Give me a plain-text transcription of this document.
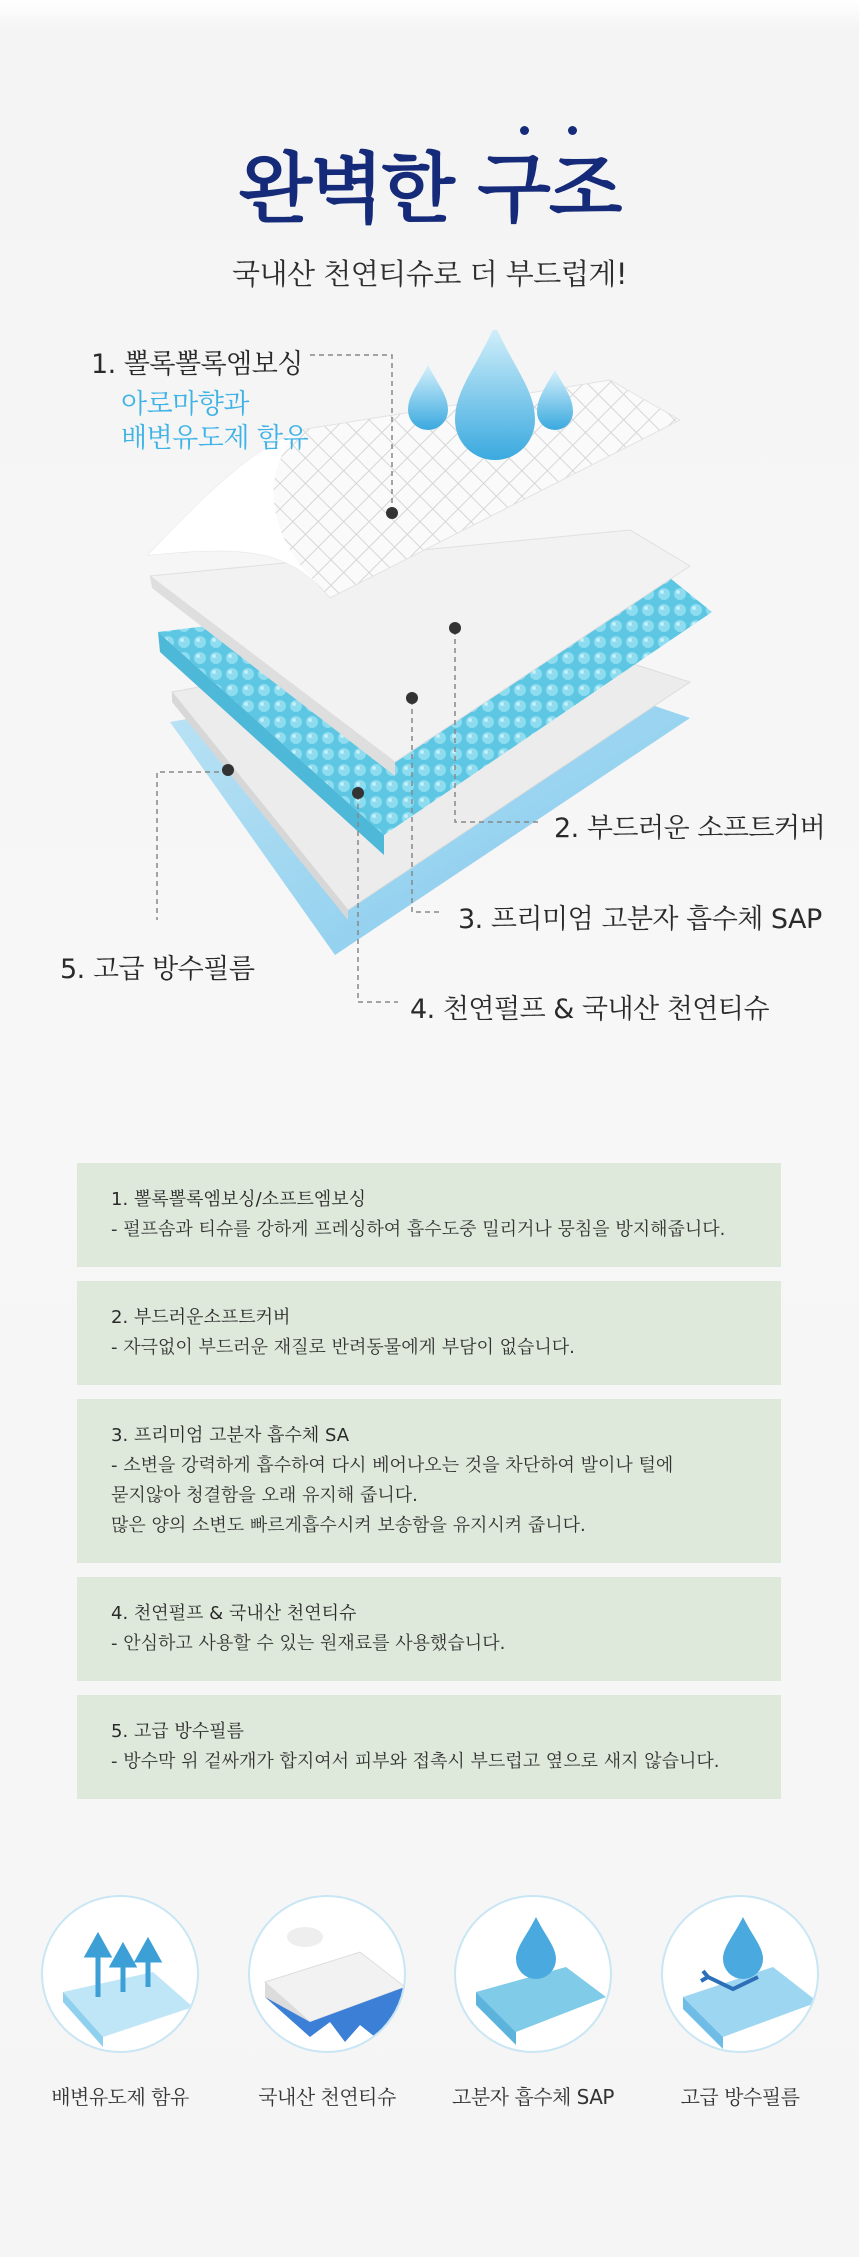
완벽한 구조
국내산 천연티슈로 더 부드럽게!
1. 뽈록뽈록엠보싱
아로마향과
배변유도제 함유
2. 부드러운 소프트커버
3. 프리미엄 고분자 흡수체 SAP
4. 천연펄프 & 국내산 천연티슈
5. 고급 방수필름
1. 뽈록뽈록엠보싱/소프트엠보싱
- 펄프솜과 티슈를 강하게 프레싱하여 흡수도중 밀리거나 뭉침을 방지해줍니다.
2. 부드러운소프트커버
- 자극없이 부드러운 재질로 반려동물에게 부담이 없습니다.
3. 프리미엄 고분자 흡수체 SA
- 소변을 강력하게 흡수하여 다시 베어나오는 것을 차단하여 발이나 털에
묻지않아 청결함을 오래 유지해 줍니다.
많은 양의 소변도 빠르게흡수시켜 보송함을 유지시켜 줍니다.
4. 천연펄프 & 국내산 천연티슈
- 안심하고 사용할 수 있는 원재료를 사용했습니다.
5. 고급 방수필름
- 방수막 위 겉싸개가 합지여서 피부와 접촉시 부드럽고 옆으로 새지 않습니다.
배변유도제 함유	국내산 천연티슈	고분자 흡수체 SAP	고급 방수필름
